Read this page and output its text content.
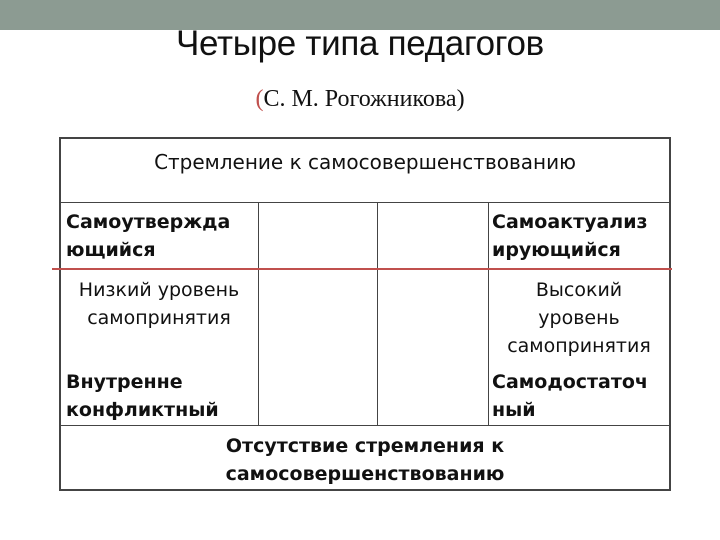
Четыре типа педагогов
(С. М. Рогожникова)
Стремление к самосовершенствованию
Самоутвержда
ющийся
Низкий уровень
самопринятия
Внутренне
конфликтный
Самоактуализ
ирующийся
Высокий
уровень
самопринятия
Самодостаточ
ный
Отсутствие стремления к
самосовершенствованию
